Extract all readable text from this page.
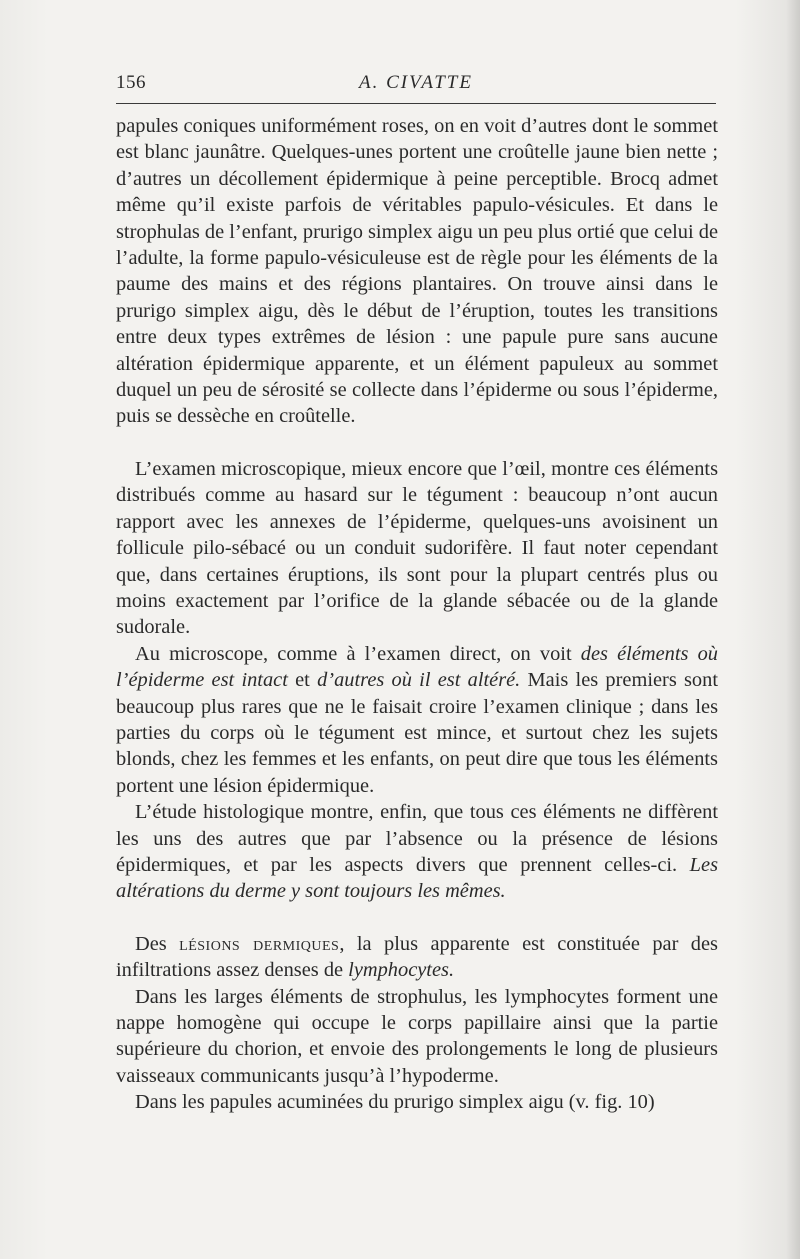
156	A. CIVATTE

papules coniques uniformément roses, on en voit d’autres dont le sommet est blanc jaunâtre. Quelques-unes portent une croûtelle jaune bien nette ; d’autres un décollement épidermique à peine perceptible. Brocq admet même qu’il existe parfois de véritables papulo-vésicules. Et dans le strophulas de l’enfant, prurigo simplex aigu un peu plus ortié que celui de l’adulte, la forme papulo-vésiculeuse est de règle pour les éléments de la paume des mains et des régions plantaires. On trouve ainsi dans le prurigo simplex aigu, dès le début de l’éruption, toutes les transitions entre deux types extrêmes de lésion : une papule pure sans aucune altération épidermique apparente, et un élément papuleux au sommet duquel un peu de sérosité se collecte dans l’épiderme ou sous l’épiderme, puis se dessèche en croûtelle.

L’examen microscopique, mieux encore que l’œil, montre ces éléments distribués comme au hasard sur le tégument : beaucoup n’ont aucun rapport avec les annexes de l’épiderme, quelques-uns avoisinent un follicule pilo-sébacé ou un conduit sudorifère. Il faut noter cependant que, dans certaines éruptions, ils sont pour la plupart centrés plus ou moins exactement par l’orifice de la glande sébacée ou de la glande sudorale.

Au microscope, comme à l’examen direct, on voit des éléments où l’épiderme est intact et d’autres où il est altéré. Mais les premiers sont beaucoup plus rares que ne le faisait croire l’examen clinique ; dans les parties du corps où le tégument est mince, et surtout chez les sujets blonds, chez les femmes et les enfants, on peut dire que tous les éléments portent une lésion épidermique.

L’étude histologique montre, enfin, que tous ces éléments ne diffèrent les uns des autres que par l’absence ou la présence de lésions épidermiques, et par les aspects divers que prennent celles-ci. Les altérations du derme y sont toujours les mêmes.

Des lésions dermiques, la plus apparente est constituée par des infiltrations assez denses de lymphocytes.

Dans les larges éléments de strophulus, les lymphocytes forment une nappe homogène qui occupe le corps papillaire ainsi que la partie supérieure du chorion, et envoie des prolongements le long de plusieurs vaisseaux communicants jusqu’à l’hypoderme.

Dans les papules acuminées du prurigo simplex aigu (v. fig. 10)
